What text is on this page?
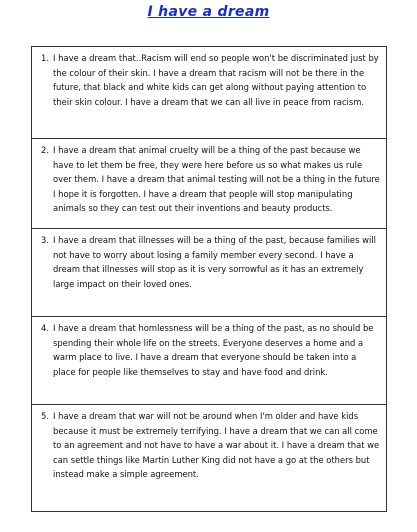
I have a dream
1. I have a dream that..Racism will end so people won't be discriminated just by the colour of their skin. I have a dream that racism will not be there in the future, that black and white kids can get along without paying attention to their skin colour. I have a dream that we can all live in peace from racism.
2. I have a dream that animal cruelty will be a thing of the past because we have to let them be free, they were here before us so what makes us rule over them. I have a dream that animal testing will not be a thing in the future I hope it is forgotten. I have a dream that people will stop manipulating animals so they can test out their inventions and beauty products.
3. I have a dream that illnesses will be a thing of the past, because families will not have to worry about losing a family member every second. I have a dream that illnesses will stop as it is very sorrowful as it has an extremely large impact on their loved ones.
4. I have a dream that homlessness will be a thing of the past, as no should be spending their whole life on the streets. Everyone deserves a home and a warm place to live. I have a dream that everyone should be taken into a place for people like themselves to stay and have food and drink.
5. I have a dream that war will not be around when I'm older and have kids because it must be extremely terrifying. I have a dream that we can all come to an agreement and not have to have a war about it. I have a dream that we can settle things like Martin Luther King did not have a go at the others but instead make a simple agreement.
